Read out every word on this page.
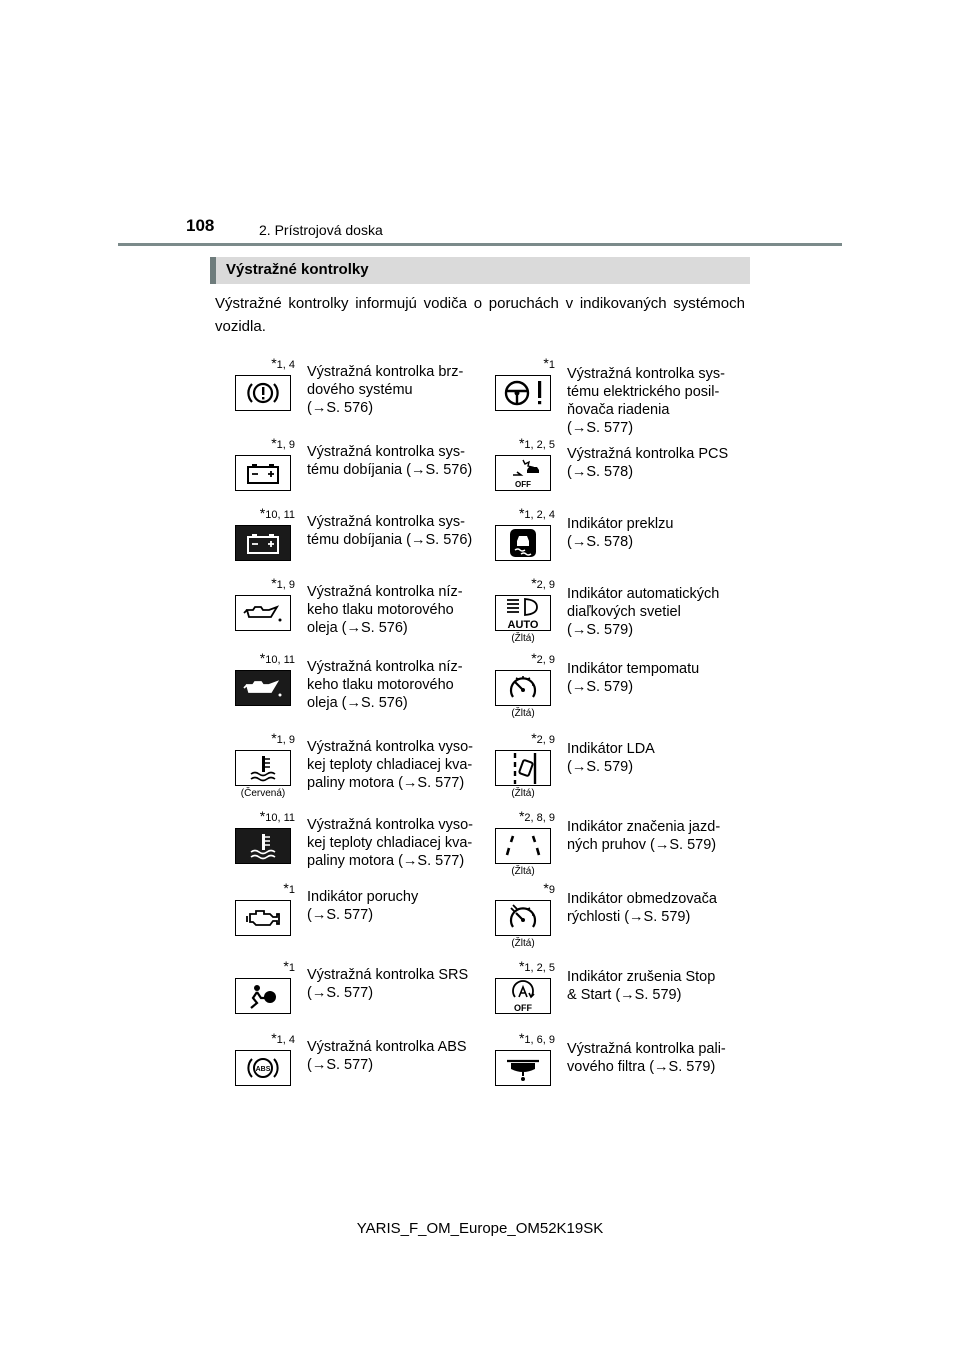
108	2. Prístrojová doska
Výstražné kontrolky
Výstražné kontrolky informujú vodiča o poruchách v indikovaných systémoch vozidla.
*1, 4 Výstražná kontrolka brz-
dového systému
(→S. 576)
*1, 9 Výstražná kontrolka sys-
tému dobíjania (→S. 576)
*10, 11 Výstražná kontrolka sys-
tému dobíjania (→S. 576)
*1, 9 Výstražná kontrolka níz-
keho tlaku motorového
oleja (→S. 576)
*10, 11 Výstražná kontrolka níz-
keho tlaku motorového
oleja (→S. 576)
*1, 9
(Červená)
Výstražná kontrolka vyso-
kej teploty chladiacej kva-
paliny motora (→S. 577)
*10, 11 Výstražná kontrolka vyso-
kej teploty chladiacej kva-
paliny motora (→S. 577)
*1 Indikátor poruchy
(→S. 577)
*1 Výstražná kontrolka SRS
(→S. 577)
*1, 4
ABS
Výstražná kontrolka ABS
(→S. 577)
*1
Výstražná kontrolka sys-
tému elektrického posil-
ňovača riadenia
(→S. 577)
*1, 2, 5
OFF
Výstražná kontrolka PCS
(→S. 578)
*1, 2, 4
Indikátor preklzu
(→S. 578)
*2, 9
AUTO
(Žltá)
Indikátor automatických
diaľkových svetiel
(→S. 579)
*2, 9
(Žltá)
Indikátor tempomatu
(→S. 579)
*2, 9
(Žltá)
Indikátor LDA
(→S. 579)
*2, 8, 9
(Žltá)
Indikátor značenia jazd-
ných pruhov (→S. 579)
*9
(Žltá)
Indikátor obmedzovača
rýchlosti (→S. 579)
*1, 2, 5
OFF
Indikátor zrušenia Stop
& Start (→S. 579)
*1, 6, 9
Výstražná kontrolka pali-
vového filtra (→S. 579)
YARIS_F_OM_Europe_OM52K19SK
